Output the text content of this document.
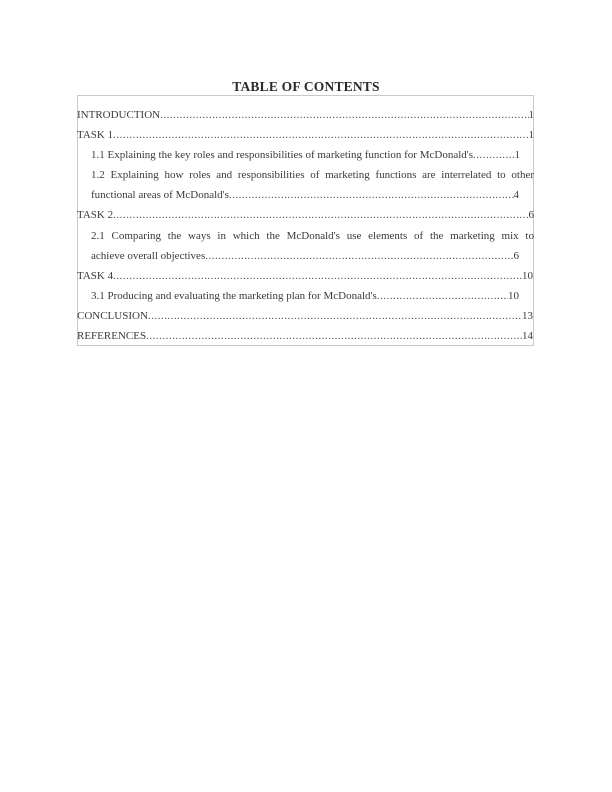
TABLE OF CONTENTS
INTRODUCTION .....	1
TASK 1 .....	1
1.1 Explaining the key roles and responsibilities of marketing function for McDonald's .....	1
1.2 Explaining how roles and responsibilities of marketing functions are interrelated to other
functional areas of McDonald's .....	4
TASK 2 .....	6
2.1 Comparing the ways in which the McDonald's use elements of the marketing mix to
achieve overall objectives .....	6
TASK 4 .....	10
3.1 Producing and evaluating the marketing plan for McDonald's .....	10
CONCLUSION .....	13
REFERENCES .....	14
